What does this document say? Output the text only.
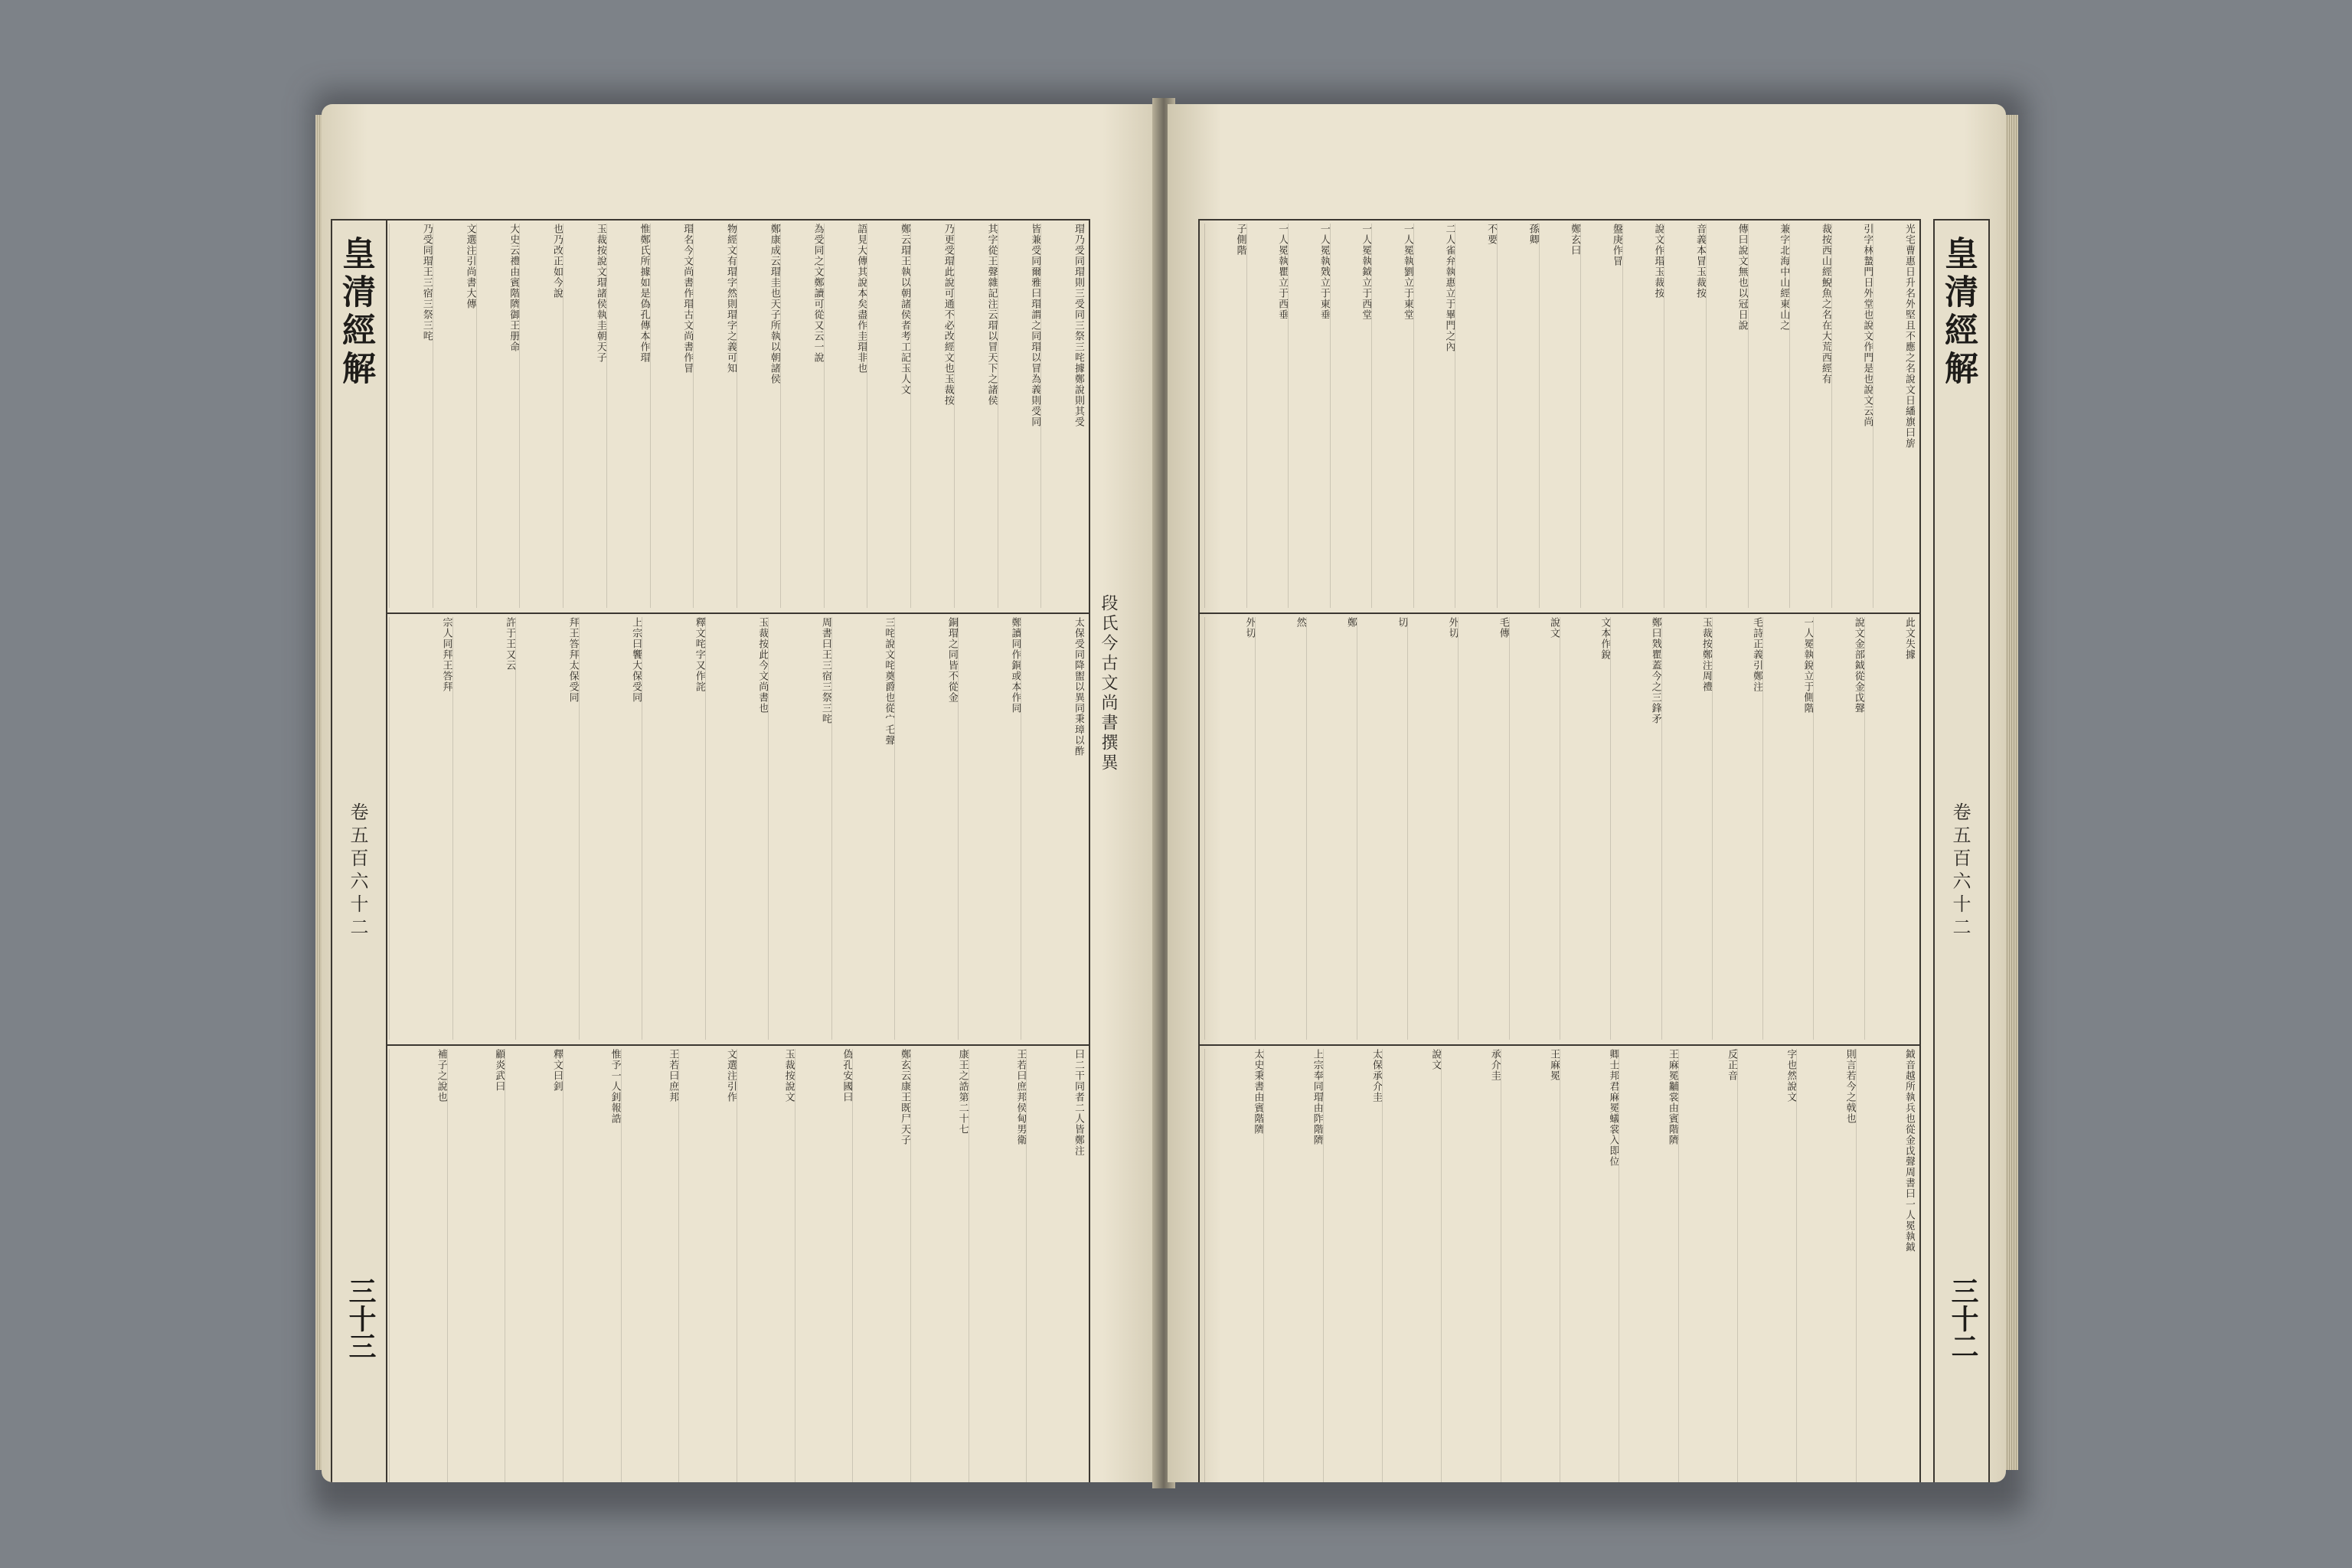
瑁乃受同瑁則三受同三祭三咤據鄭說則其受
皆兼受同爾雅曰瑁謂之同瑁以冒為義則受同
其字從王聲雜記注云瑁以冒天下之諸侯
乃更受瑁此說可通不必改經文也玉裁按
鄭云瑁王執以朝諸侯者考工記玉人文
語見大傳其說本矣盡作圭瑁非也
為受同之文鄭讀可從又云一說
鄭康成云瑁圭也天子所執以朝諸侯
物經文有瑁字然則瑁字之義可知
瑁名今文尚書作瑁古文尚書作冒
惟鄭氏所據如是偽孔傳本作瑁
玉裁按說文瑁諸侯執圭朝天子
也乃改正如今說
大史云禮由賓階隮御王册命
文選注引尚書大傳
乃受同瑁王三宿三祭三咤
太保受同降盥以異同秉璋以酢
鄭讀同作銅或本作同
銅瑁之同皆不從金
三咤說文咤奠爵也從宀乇聲
周書曰王三宿三祭三咤
玉裁按此今文尚書也
釋文咤字又作詫
上宗曰饗大保受同
拜王答拜太保受同
許于王又云
宗人同拜王答拜
曰二干同者二人皆鄭注
王若曰庶邦侯甸男衛
康王之誥第二十七
鄭玄云康王既尸天子
偽孔安國曰
玉裁按說文
文選注引作
王若曰庶邦
惟予一人釗報誥
釋文曰釗
顧炎武曰
補子之說也
段氏今古文尚書撰異
皇清經解
卷五百六十二
三十三
光宅曹惠日升名外堅且不應之名說文日繙旗曰旂
引字林蟄門日外堂也說文作門是也說文云尚
裁按西山經鯢魚之名在大荒西經有
兼字北海中山經東山之
傳曰說文無也以冠日說
音義本冒玉裁按
說文作瑁玉裁按
盤庚作冒
鄭玄曰
孫卿
不要
二人雀弁執惠立于畢門之內
一人冕執劉立于東堂
一人冕執鉞立于西堂
一人冕執戣立于東垂
一人冕執瞿立于西垂
子側階
此文失據
說文金部鉞從金戉聲
一人冕執銳立于側階
毛詩正義引鄭注
玉裁按鄭注周禮
鄭曰戣瞿蓋今之三鋒矛
文本作銳
說文
毛傳
外切
切
鄭
然
外切
鉞音越所執兵也從金戉聲周書曰一人冕執鉞
則言若今之戟也
字也然說文
反正音
王麻冕黼裳由賓階隮
卿士邦君麻冕蟻裳入即位
王麻冕
承介圭
說文
太保承介圭
上宗奉同瑁由阼階隮
太史秉書由賓階隮
皇清經解
卷五百六十二
三十二
